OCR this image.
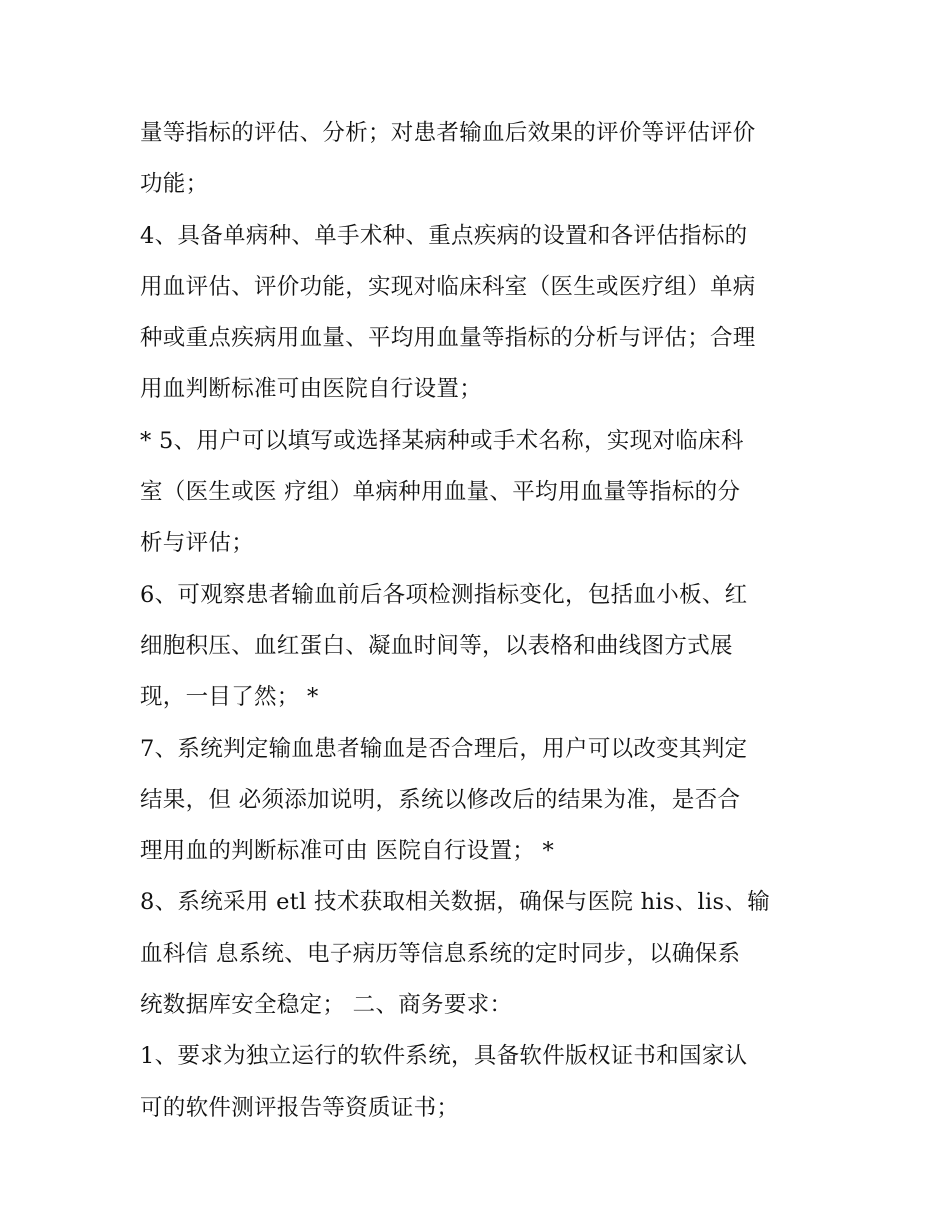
量等指标的评估、分析；对患者输血后效果的评价等评估评价
功能；
4、具备单病种、单手术种、重点疾病的设置和各评估指标的
用血评估、评价功能，实现对临床科室（医生或医疗组）单病
种或重点疾病用血量、平均用血量等指标的分析与评估；合理
用血判断标准可由医院自行设置；
* 5、用户可以填写或选择某病种或手术名称，实现对临床科
室（医生或医 疗组）单病种用血量、平均用血量等指标的分
析与评估；
6、可观察患者输血前后各项检测指标变化，包括血小板、红
细胞积压、血红蛋白、凝血时间等，以表格和曲线图方式展
现，一目了然； *
7、系统判定输血患者输血是否合理后，用户可以改变其判定
结果，但 必须添加说明，系统以修改后的结果为准，是否合
理用血的判断标准可由 医院自行设置； *
8、系统采用 etl 技术获取相关数据，确保与医院 his、lis、输
血科信 息系统、电子病历等信息系统的定时同步，以确保系
统数据库安全稳定； 二、商务要求：
1、要求为独立运行的软件系统，具备软件版权证书和国家认
可的软件测评报告等资质证书；
